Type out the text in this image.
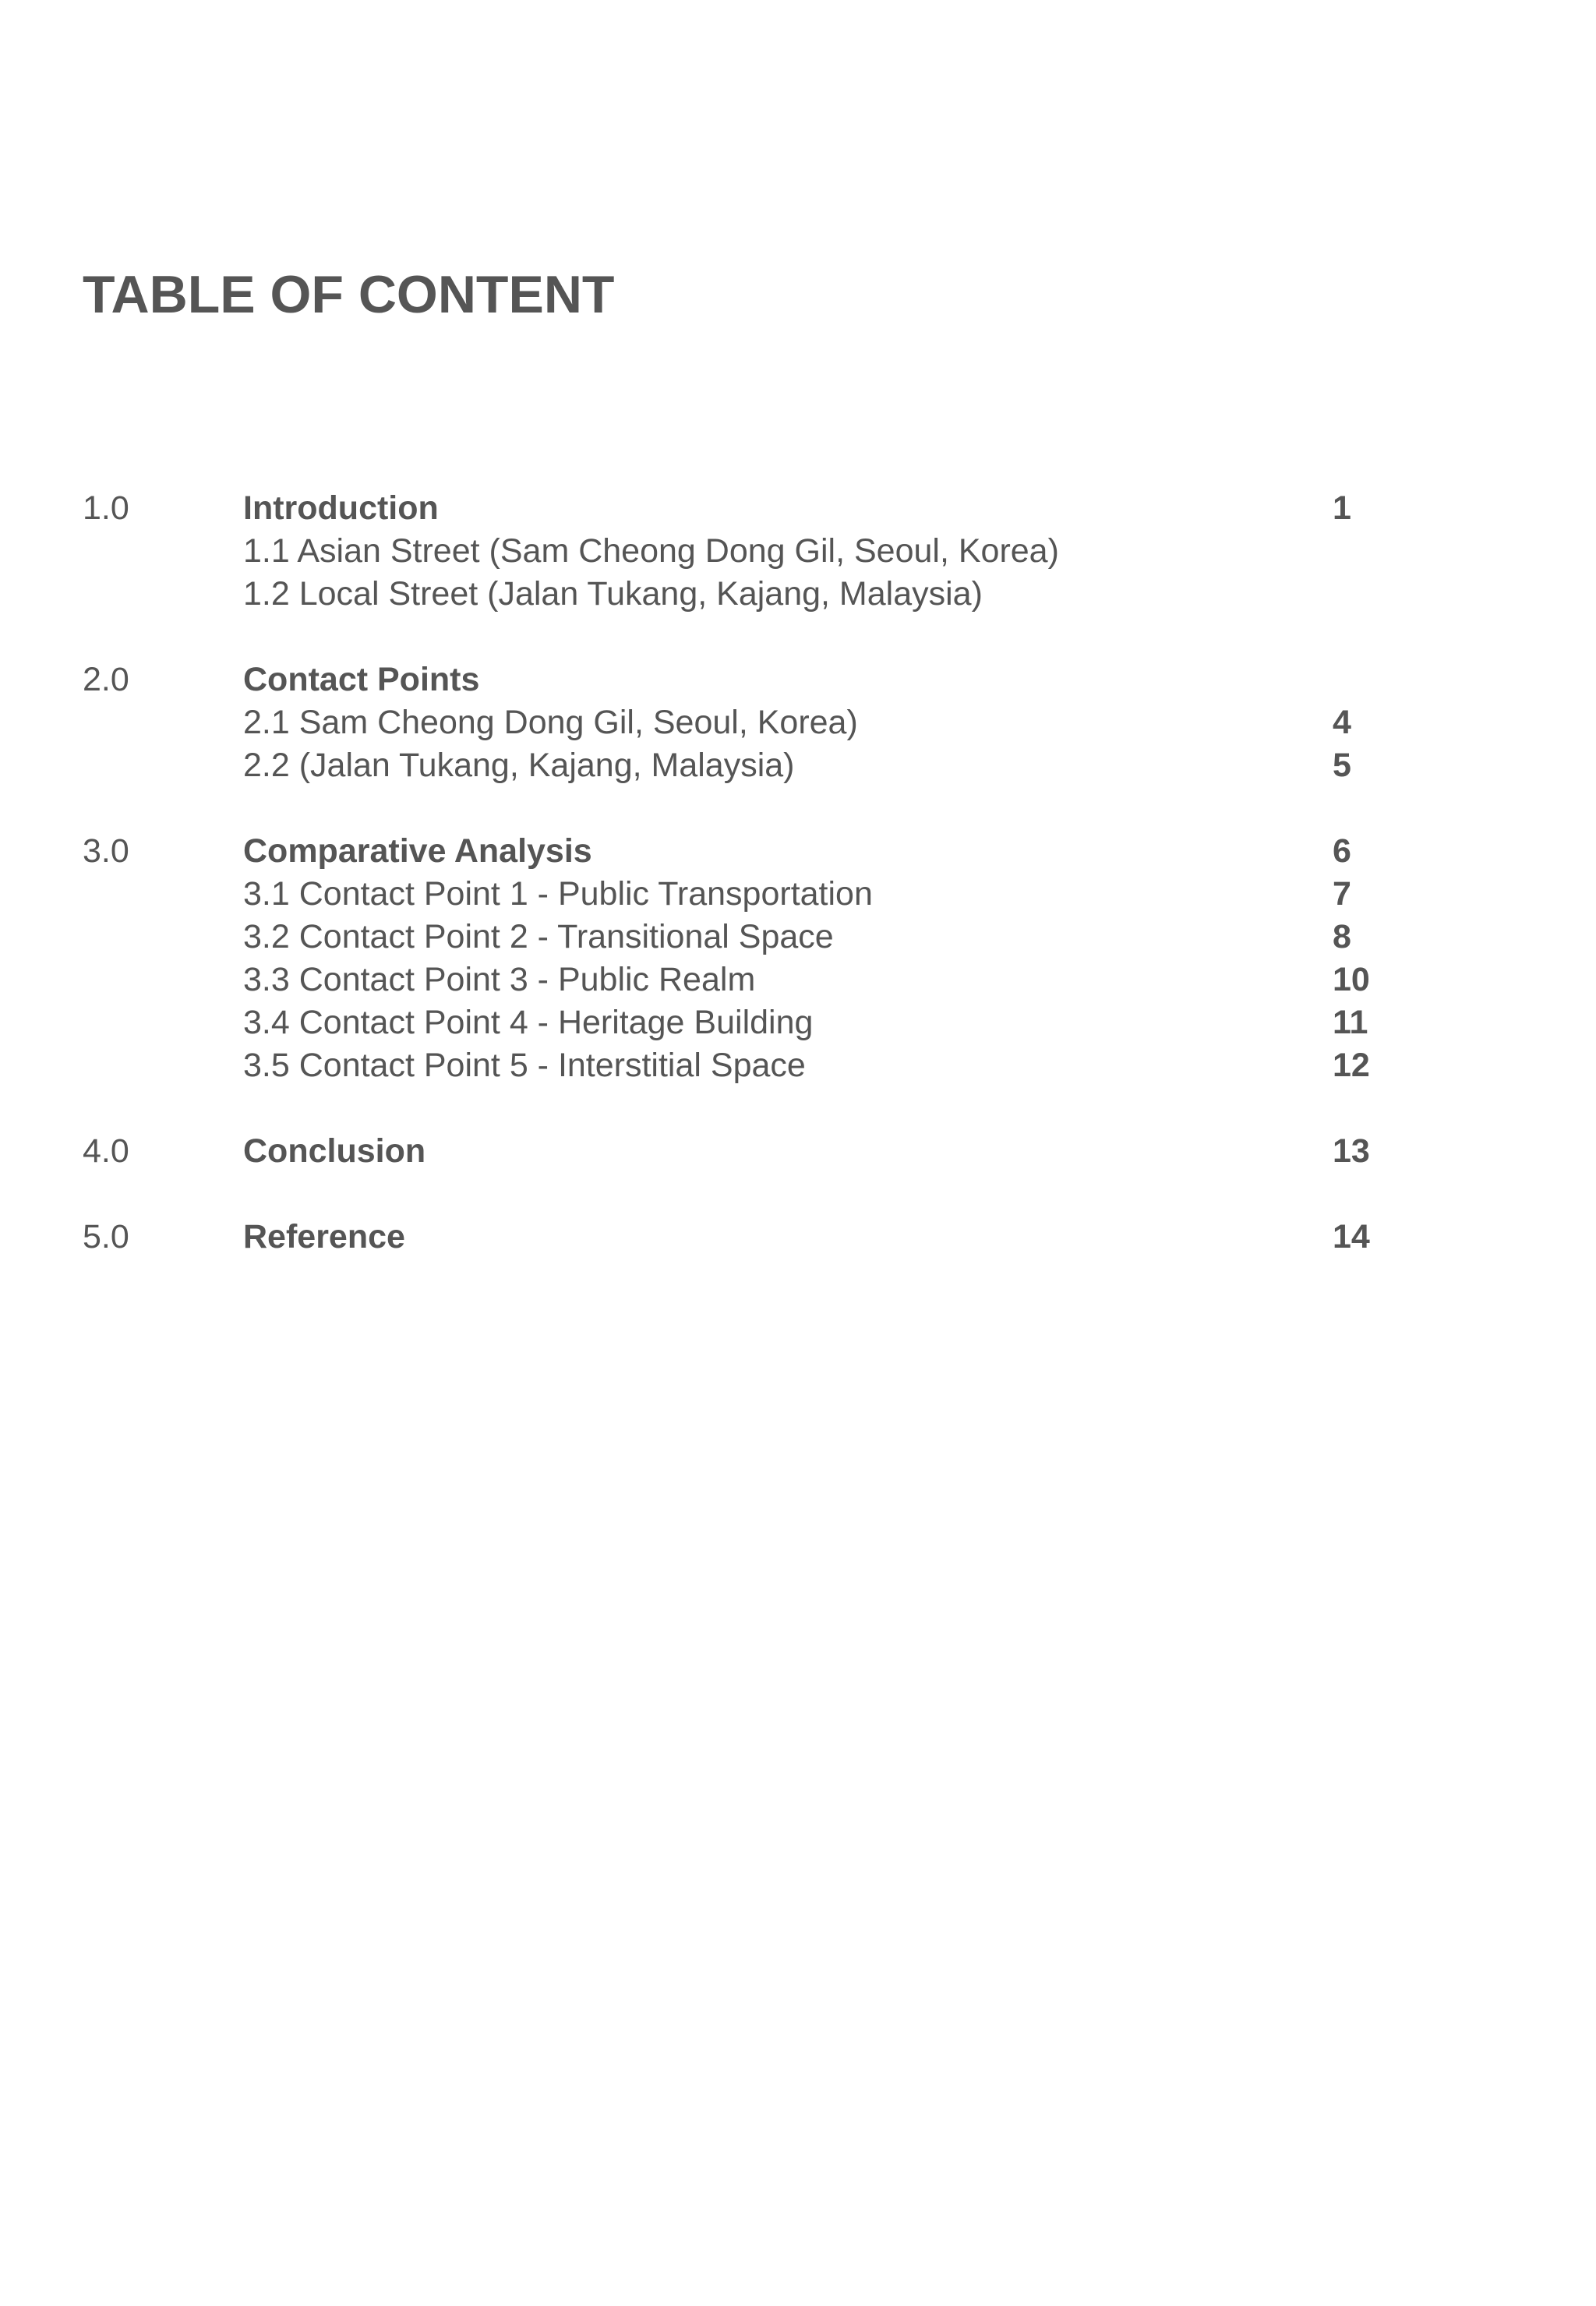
TABLE OF CONTENT
1.0	Introduction	1
1.1 Asian Street (Sam Cheong Dong Gil, Seoul, Korea)
1.2 Local Street (Jalan Tukang, Kajang, Malaysia)
2.0	Contact Points
2.1 Sam Cheong Dong Gil, Seoul, Korea)	4
2.2 (Jalan Tukang, Kajang, Malaysia)	5
3.0	Comparative Analysis	6
3.1 Contact Point 1 - Public Transportation	7
3.2 Contact Point 2 - Transitional Space	8
3.3 Contact Point 3 - Public Realm	10
3.4 Contact Point 4 - Heritage Building	11
3.5 Contact Point 5 - Interstitial Space	12
4.0	Conclusion	13
5.0	Reference	14
